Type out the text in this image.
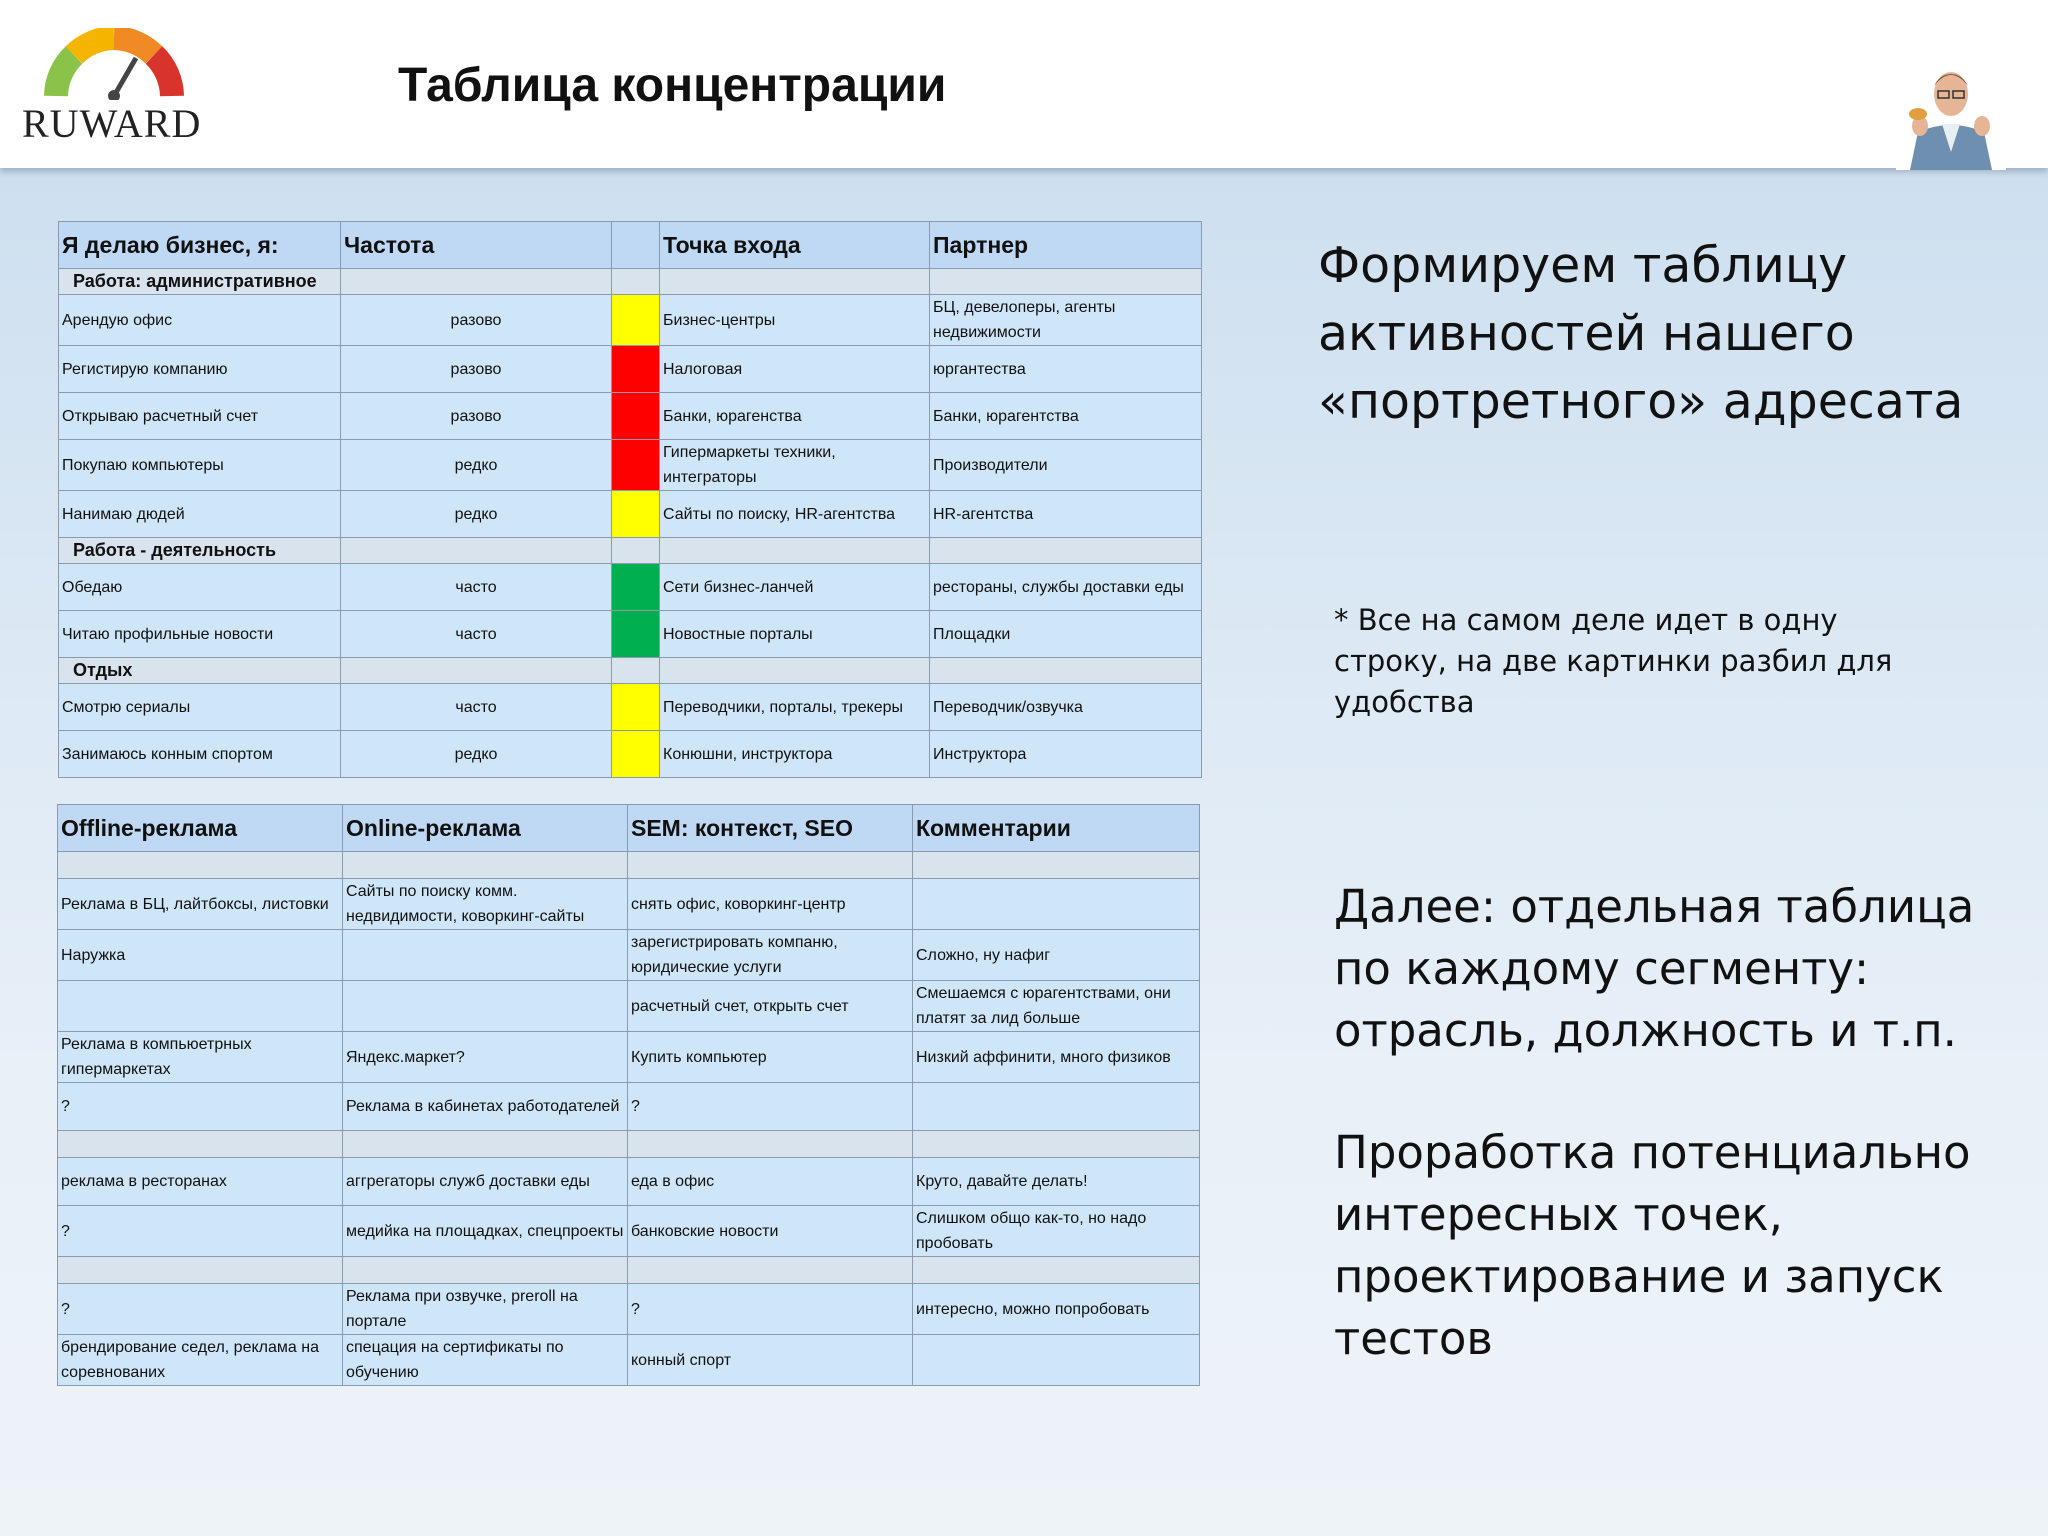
RUWARD
Таблица концентрации
Я делаю бизнес, я:	Частота		Точка входа	Партнер
Работа: административное				
Арендую офис	разово		Бизнес-центры	БЦ, девелоперы, агенты недвижимости
Регистирую компанию	разово		Налоговая	юргантества
Открываю расчетный счет	разово		Банки, юрагенства	Банки, юрагентства
Покупаю компьютеры	редко		Гипермаркеты техники, интеграторы	Производители
Нанимаю дюдей	редко		Сайты по поиску, HR-агентства	HR-агентства
Работа - деятельность				
Обедаю	часто		Сети бизнес-ланчей	рестораны, службы доставки еды
Читаю профильные новости	часто		Новостные порталы	Площадки
Отдых				
Смотрю сериалы	часто		Переводчики, порталы, трекеры	Переводчик/озвучка
Занимаюсь конным спортом	редко		Конюшни, инструктора	Инструктора
Offline-реклама	Online-реклама	SEM: контекст, SEO	Комментарии

Реклама в БЦ, лайтбоксы, листовки	Сайты по поиску комм. недвидимости, коворкинг-сайты	снять офис, коворкинг-центр	
Наружка		зарегистрировать компаню, юридические услуги	Сложно, ну нафиг
		расчетный счет, открыть счет	Смешаемся с юрагентствами, они платят за лид больше
Реклама в компьюетрных гипермаркетах	Яндекс.маркет?	Купить компьютер	Низкий аффинити, много физиков
?	Реклама в кабинетах работодателей	?	

реклама в ресторанах	аггрегаторы служб доставки еды	еда в офис	Круто, давайте делать!
?	медийка на площадках, спецпроекты	банковские новости	Слишком общо как-то, но надо пробовать

?	Реклама при озвучке, preroll на портале	?	интересно, можно попробовать
брендирование седел, реклама на соревнованих	спецация на сертификаты по обучению	конный спорт	
Формируем таблицу активностей нашего «портретного» адресата
* Все на самом деле идет в одну строку, на две картинки разбил для удобства
Далее: отдельная таблица по каждому сегменту: отрасль, должность и т.п.
Проработка потенциально интересных точек, проектирование и запуск тестов
